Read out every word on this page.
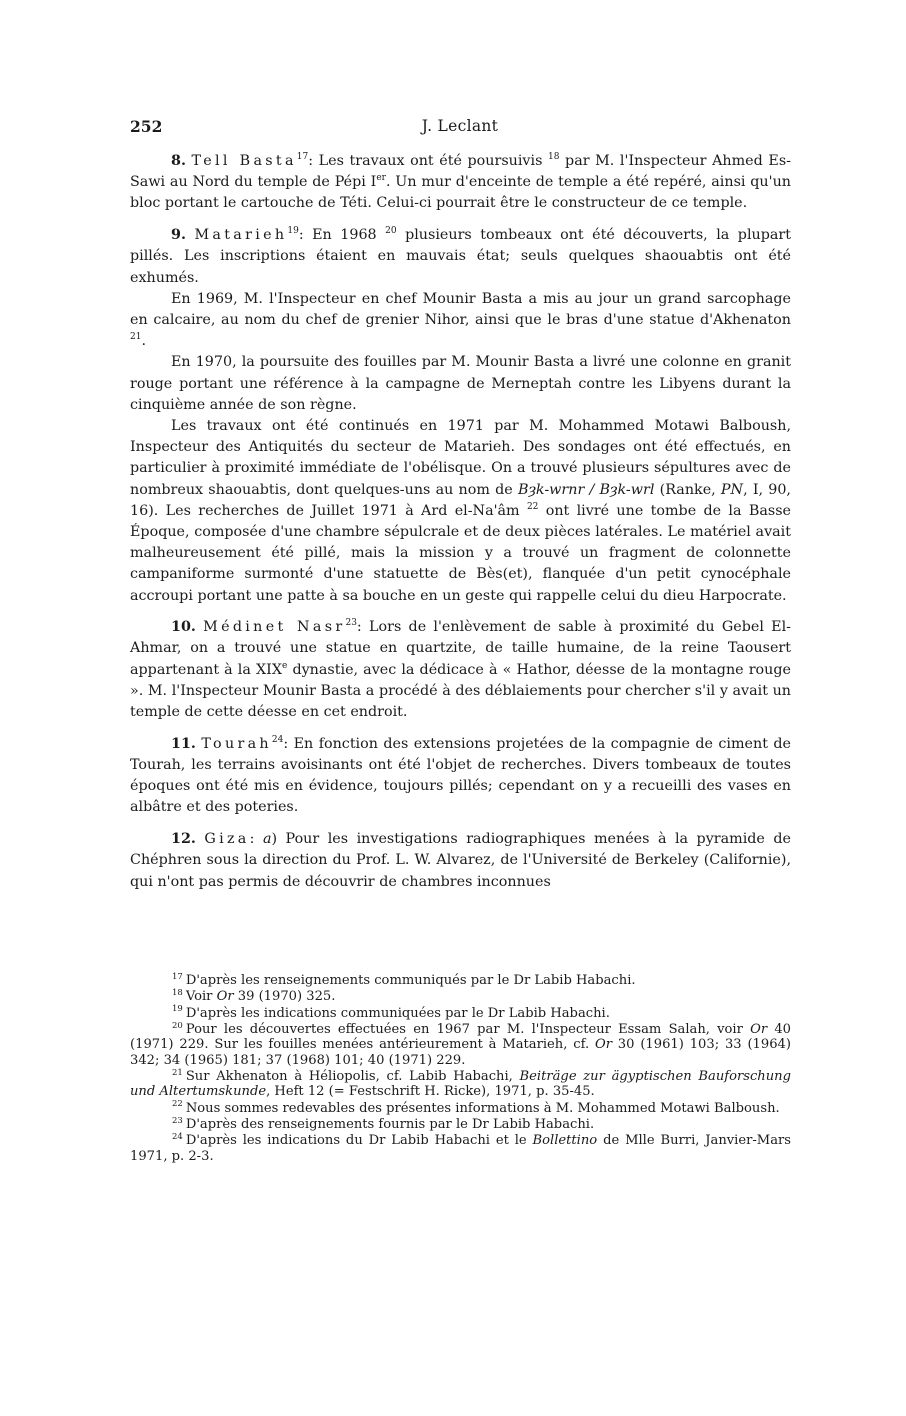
252	J. Leclant

8. Tell Basta$^{17}$: Les travaux ont été poursuivis $^{18}$ par M. l'Inspecteur Ahmed Es-Sawi au Nord du temple de Pépi Ier. Un mur d'enceinte de temple a été repéré, ainsi qu'un bloc portant le cartouche de Téti. Celui-ci pourrait être le constructeur de ce temple.

9. Matarieh$^{19}$: En 1968 $^{20}$ plusieurs tombeaux ont été découverts, la plupart pillés. Les inscriptions étaient en mauvais état; seuls quelques shaouabtis ont été exhumés.

En 1969, M. l'Inspecteur en chef Mounir Basta a mis au jour un grand sarcophage en calcaire, au nom du chef de grenier Nihor, ainsi que le bras d'une statue d'Akhenaton $^{21}$.

En 1970, la poursuite des fouilles par M. Mounir Basta a livré une colonne en granit rouge portant une référence à la campagne de Merneptah contre les Libyens durant la cinquième année de son règne.

Les travaux ont été continués en 1971 par M. Mohammed Motawi Balboush, Inspecteur des Antiquités du secteur de Matarieh. Des sondages ont été effectués, en particulier à proximité immédiate de l'obélisque. On a trouvé plusieurs sépultures avec de nombreux shaouabtis, dont quelques-uns au nom de Bȝk-wrnr / Bȝk-wrl (Ranke, PN, I, 90, 16). Les recherches de Juillet 1971 à Ard el-Na'âm $^{22}$ ont livré une tombe de la Basse Époque, composée d'une chambre sépulcrale et de deux pièces latérales. Le matériel avait malheureusement été pillé, mais la mission y a trouvé un fragment de colonnette campaniforme surmonté d'une statuette de Bès(et), flanquée d'un petit cynocéphale accroupi portant une patte à sa bouche en un geste qui rappelle celui du dieu Harpocrate.

10. Médinet Nasr$^{23}$: Lors de l'enlèvement de sable à proximité du Gebel El-Ahmar, on a trouvé une statue en quartzite, de taille humaine, de la reine Taousert appartenant à la XIXe dynastie, avec la dédicace à « Hathor, déesse de la montagne rouge ». M. l'Inspecteur Mounir Basta a procédé à des déblaiements pour chercher s'il y avait un temple de cette déesse en cet endroit.

11. Tourah$^{24}$: En fonction des extensions projetées de la compagnie de ciment de Tourah, les terrains avoisinants ont été l'objet de recherches. Divers tombeaux de toutes époques ont été mis en évidence, toujours pillés; cependant on y a recueilli des vases en albâtre et des poteries.

12. Giza: a) Pour les investigations radiographiques menées à la pyramide de Chéphren sous la direction du Prof. L. W. Alvarez, de l'Université de Berkeley (Californie), qui n'ont pas permis de découvrir de chambres inconnues

$^{17}$ D'après les renseignements communiqués par le Dr Labib Habachi.

$^{18}$ Voir Or 39 (1970) 325.

$^{19}$ D'après les indications communiquées par le Dr Labib Habachi.

$^{20}$ Pour les découvertes effectuées en 1967 par M. l'Inspecteur Essam Salah, voir Or 40 (1971) 229. Sur les fouilles menées antérieurement à Matarieh, cf. Or 30 (1961) 103; 33 (1964) 342; 34 (1965) 181; 37 (1968) 101; 40 (1971) 229.

$^{21}$ Sur Akhenaton à Héliopolis, cf. Labib Habachi, Beiträge zur ägyptischen Bauforschung und Altertumskunde, Heft 12 (= Festschrift H. Ricke), 1971, p. 35-45.

$^{22}$ Nous sommes redevables des présentes informations à M. Mohammed Motawi Balboush.

$^{23}$ D'après des renseignements fournis par le Dr Labib Habachi.

$^{24}$ D'après les indications du Dr Labib Habachi et le Bollettino de Mlle Burri, Janvier-Mars 1971, p. 2-3.
